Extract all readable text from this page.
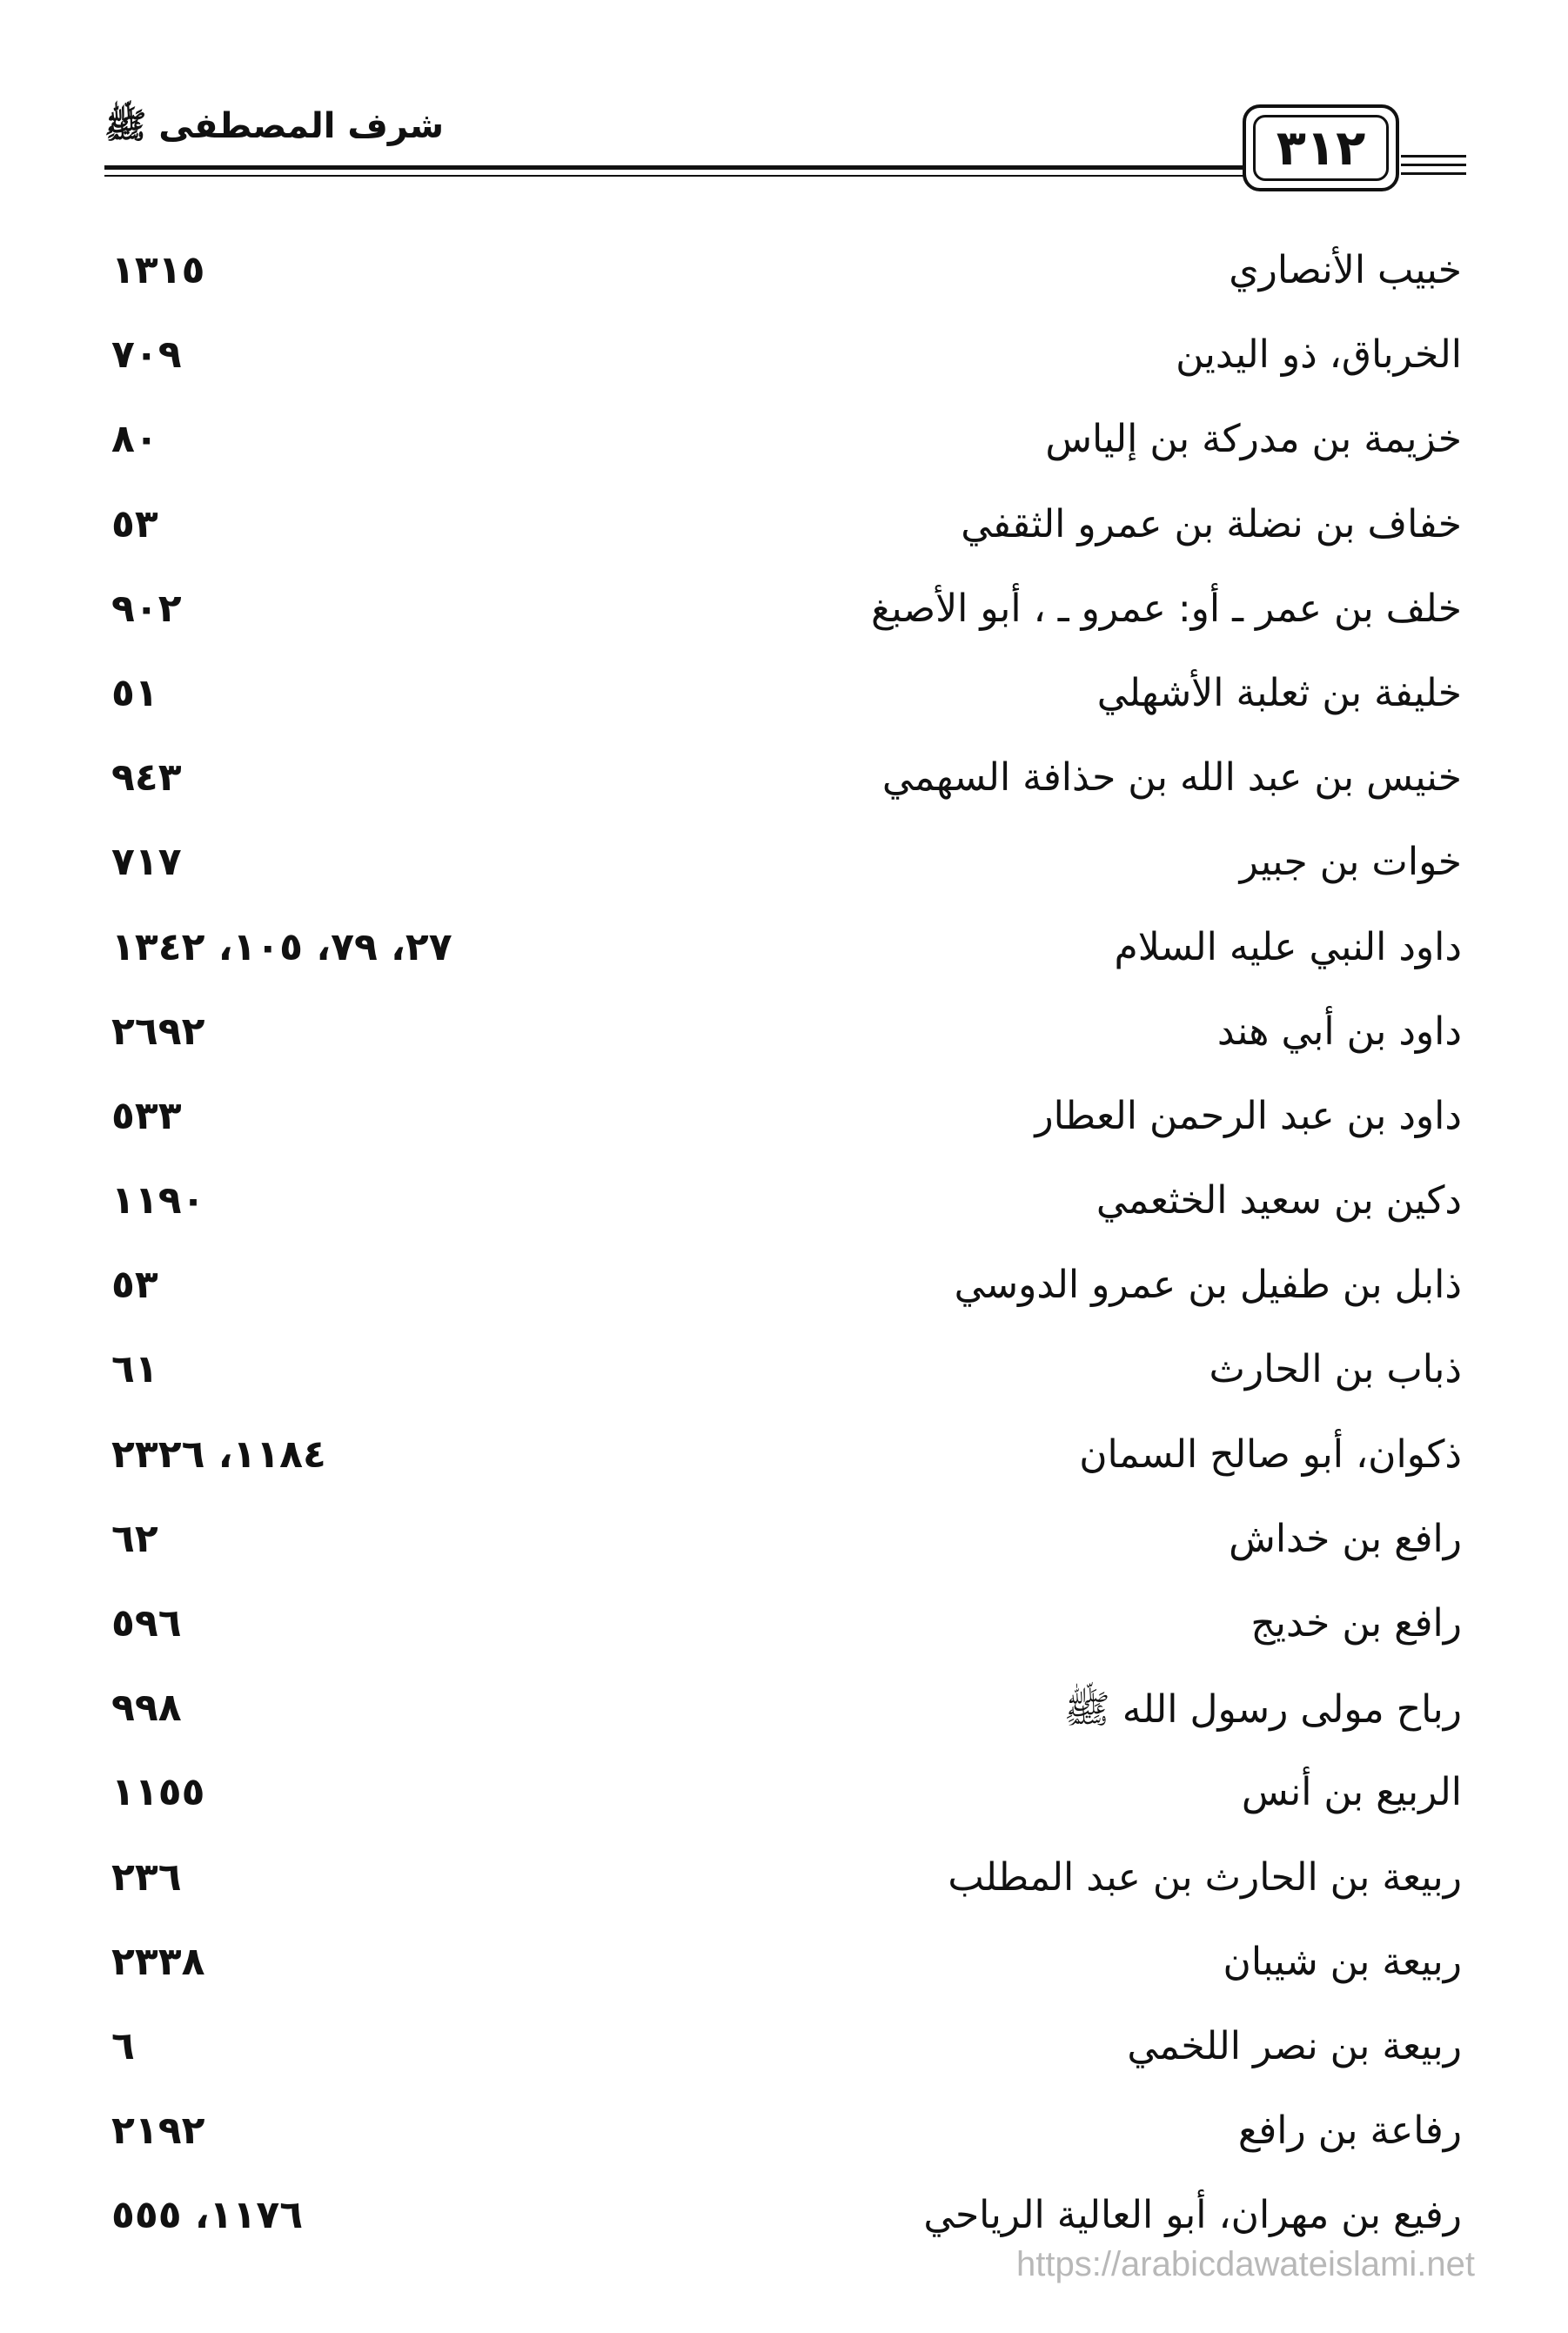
شرف المصطفى ﷺ	٣١٢
خبيب الأنصاري
١٣١٥
الخرباق، ذو اليدين
٧٠٩
خزيمة بن مدركة بن إلياس
٨٠
خفاف بن نضلة بن عمرو الثقفي
٥٣
خلف بن عمر ـ أو: عمرو ـ ، أبو الأصبغ
٩٠٢
خليفة بن ثعلبة الأشهلي
٥١
خنيس بن عبد الله بن حذافة السهمي
٩٤٣
خوات بن جبير
٧١٧
داود النبي عليه السلام
٢٧، ٧٩، ١٠٥، ١٣٤٢
داود بن أبي هند
٢٦٩٢
داود بن عبد الرحمن العطار
٥٣٣
دكين بن سعيد الخثعمي
١١٩٠
ذابل بن طفيل بن عمرو الدوسي
٥٣
ذباب بن الحارث
٦١
ذكوان، أبو صالح السمان
١١٨٤، ٢٣٢٦
رافع بن خداش
٦٢
رافع بن خديج
٥٩٦
رباح مولى رسول الله ﷺ
٩٩٨
الربيع بن أنس
١١٥٥
ربيعة بن الحارث بن عبد المطلب
٢٣٦
ربيعة بن شيبان
٢٣٣٨
ربيعة بن نصر اللخمي
٦
رفاعة بن رافع
٢١٩٢
رفيع بن مهران، أبو العالية الرياحي
١١٧٦، ٥٥٥
https://arabicdawateislami.net
